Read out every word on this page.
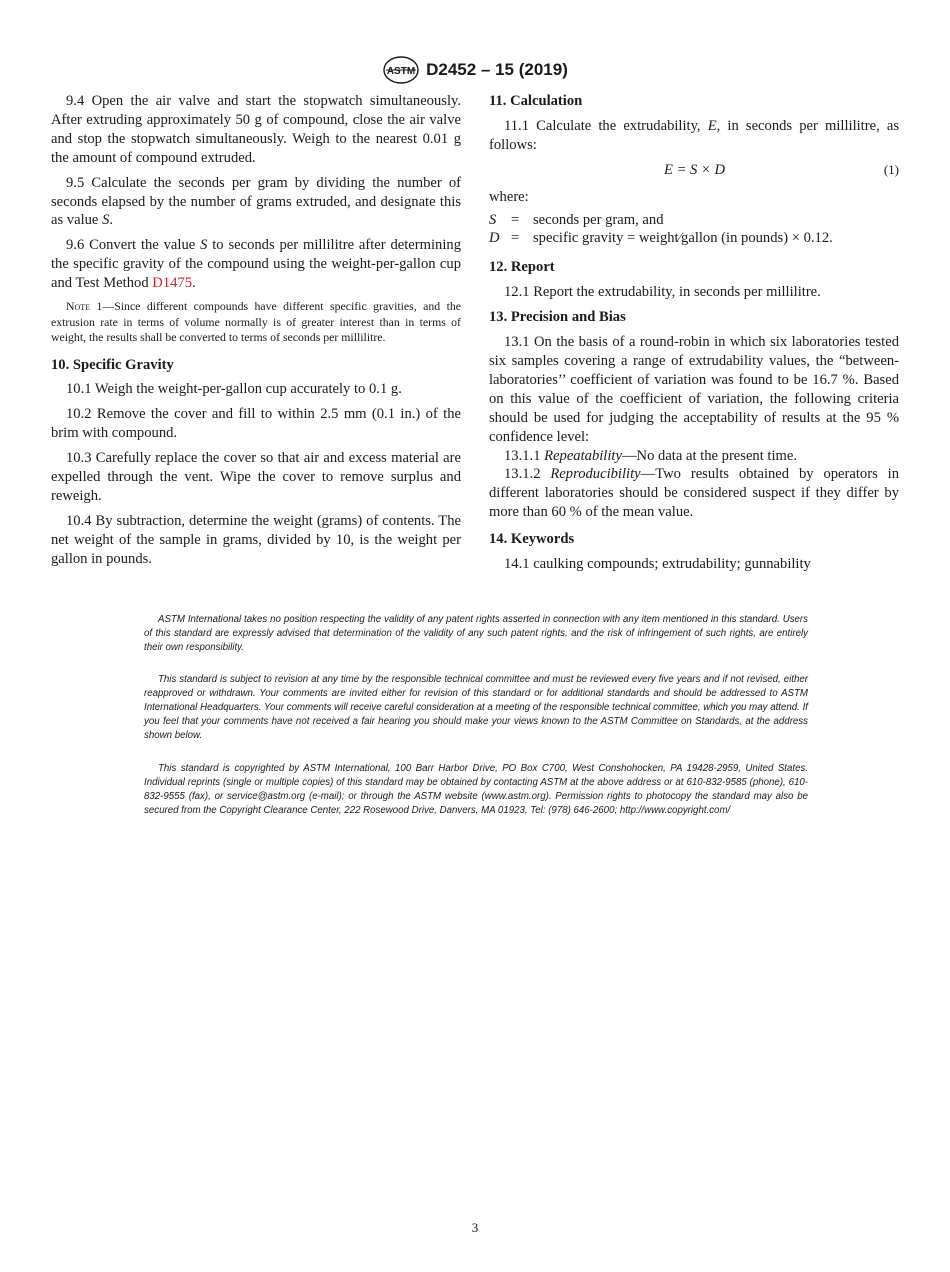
ASTM D2452 – 15 (2019)

9.4 Open the air valve and start the stopwatch simultaneously. After extruding approximately 50 g of compound, close the air valve and stop the stopwatch simultaneously. Weigh to the nearest 0.01 g the amount of compound extruded.

9.5 Calculate the seconds per gram by dividing the number of seconds elapsed by the number of grams extruded, and designate this as value S.

9.6 Convert the value S to seconds per millilitre after determining the specific gravity of the compound using the weight-per-gallon cup and Test Method D1475.

Note 1—Since different compounds have different specific gravities, and the extrusion rate in terms of volume normally is of greater interest than in terms of weight, the results shall be converted to terms of seconds per millilitre.

10. Specific Gravity

10.1 Weigh the weight-per-gallon cup accurately to 0.1 g.

10.2 Remove the cover and fill to within 2.5 mm (0.1 in.) of the brim with compound.

10.3 Carefully replace the cover so that air and excess material are expelled through the vent. Wipe the cover to remove surplus and reweigh.

10.4 By subtraction, determine the weight (grams) of contents. The net weight of the sample in grams, divided by 10, is the weight per gallon in pounds.

11. Calculation

11.1 Calculate the extrudability, E, in seconds per millilitre, as follows:

E = S × D	(1)

where:

S	= seconds per gram, and
D = specific gravity = weight⁄gallon (in pounds) × 0.12.
12. Report

12.1 Report the extrudability, in seconds per millilitre.

13. Precision and Bias

13.1 On the basis of a round-robin in which six laboratories tested six samples covering a range of extrudability values, the “between-laboratories’’ coefficient of variation was found to be 16.7 %. Based on this value of the coefficient of variation, the following criteria should be used for judging the acceptability of results at the 95 % confidence level:

13.1.1 Repeatability—No data at the present time.

13.1.2 Reproducibility—Two results obtained by operators in different laboratories should be considered suspect if they differ by more than 60 % of the mean value.

14. Keywords

14.1 caulking compounds; extrudability; gunnability

ASTM International takes no position respecting the validity of any patent rights asserted in connection with any item mentioned in this standard. Users of this standard are expressly advised that determination of the validity of any such patent rights, and the risk of infringement of such rights, are entirely their own responsibility.

This standard is subject to revision at any time by the responsible technical committee and must be reviewed every five years and if not revised, either reapproved or withdrawn. Your comments are invited either for revision of this standard or for additional standards and should be addressed to ASTM International Headquarters. Your comments will receive careful consideration at a meeting of the responsible technical committee, which you may attend. If you feel that your comments have not received a fair hearing you should make your views known to the ASTM Committee on Standards, at the address shown below.

This standard is copyrighted by ASTM International, 100 Barr Harbor Drive, PO Box C700, West Conshohocken, PA 19428-2959, United States. Individual reprints (single or multiple copies) of this standard may be obtained by contacting ASTM at the above address or at 610-832-9585 (phone), 610-832-9555 (fax), or service@astm.org (e-mail); or through the ASTM website (www.astm.org). Permission rights to photocopy the standard may also be secured from the Copyright Clearance Center, 222 Rosewood Drive, Danvers, MA 01923, Tel: (978) 646-2600; http://www.copyright.com/

3
